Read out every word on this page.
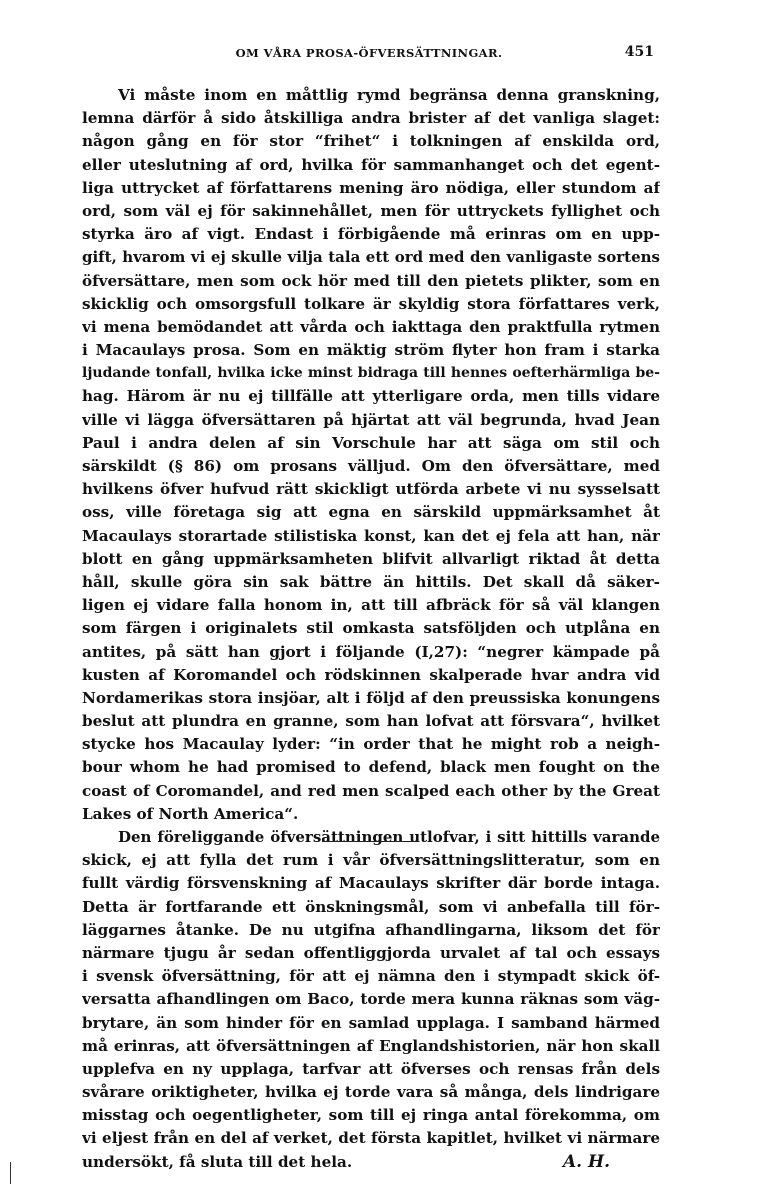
OM VÅRA PROSA-ÖFVERSÄTTNINGAR.	451
Vi måste inom en måttlig rymd begränsa denna granskning,
lemna därför å sido åtskilliga andra brister af det vanliga slaget:
någon gång en för stor “frihet“ i tolkningen af enskilda ord,
eller uteslutning af ord, hvilka för sammanhanget och det egent-
liga uttrycket af författarens mening äro nödiga, eller stundom af
ord, som väl ej för sakinnehållet, men för uttryckets fyllighet och
styrka äro af vigt. Endast i förbigående må erinras om en upp-
gift, hvarom vi ej skulle vilja tala ett ord med den vanligaste sortens
öfversättare, men som ock hör med till den pietets plikter, som en
skicklig och omsorgsfull tolkare är skyldig stora författares verk,
vi mena bemödandet att vårda och iakttaga den praktfulla rytmen
i Macaulays prosa. Som en mäktig ström flyter hon fram i starka
ljudande tonfall, hvilka icke minst bidraga till hennes oefterhärmliga be-
hag. Härom är nu ej tillfälle att ytterligare orda, men tills vidare
ville vi lägga öfversättaren på hjärtat att väl begrunda, hvad Jean
Paul i andra delen af sin Vorschule har att säga om stil och
särskildt (§ 86) om prosans välljud. Om den öfversättare, med
hvilkens öfver hufvud rätt skickligt utförda arbete vi nu sysselsatt
oss, ville företaga sig att egna en särskild uppmärksamhet åt
Macaulays storartade stilistiska konst, kan det ej fela att han, när
blott en gång uppmärksamheten blifvit allvarligt riktad åt detta
håll, skulle göra sin sak bättre än hittils. Det skall då säker-
ligen ej vidare falla honom in, att till afbräck för så väl klangen
som färgen i originalets stil omkasta satsföljden och utplåna en
antites, på sätt han gjort i följande (I,27): “negrer kämpade på
kusten af Koromandel och rödskinnen skalperade hvar andra vid
Nordamerikas stora insjöar, alt i följd af den preussiska konungens
beslut att plundra en granne, som han lofvat att försvara“, hvilket
stycke hos Macaulay lyder: “in order that he might rob a neigh-
bour whom he had promised to defend, black men fought on the
coast of Coromandel, and red men scalped each other by the Great
Lakes of North America“.
Den föreliggande öfversättningen utlofvar, i sitt hittills varande
skick, ej att fylla det rum i vår öfversättningslitteratur, som en
fullt värdig försvenskning af Macaulays skrifter där borde intaga.
Detta är fortfarande ett önskningsmål, som vi anbefalla till för-
läggarnes åtanke. De nu utgifna afhandlingarna, liksom det för
närmare tjugu år sedan offentliggjorda urvalet af tal och essays
i svensk öfversättning, för att ej nämna den i stympadt skick öf-
versatta afhandlingen om Baco, torde mera kunna räknas som väg-
brytare, än som hinder för en samlad upplaga. I samband härmed
må erinras, att öfversättningen af Englandshistorien, när hon skall
upplefva en ny upplaga, tarfvar att öfverses och rensas från dels
svårare oriktigheter, hvilka ej torde vara så många, dels lindrigare
misstag och oegentligheter, som till ej ringa antal förekomma, om
vi eljest från en del af verket, det första kapitlet, hvilket vi närmare
undersökt, få sluta till det hela.	A. H.
